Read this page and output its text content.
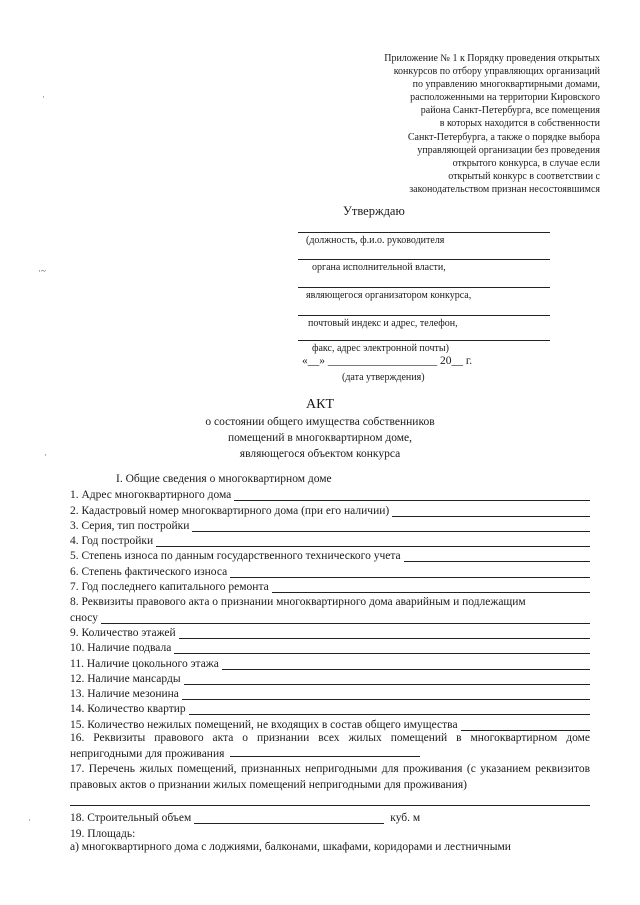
·
·~
·
·
Приложение № 1 к Порядку проведения открытых
конкурсов по отбору управляющих организаций
по управлению многоквартирными домами,
расположенными на территории Кировского
района Санкт-Петербурга, все помещения
в которых находится в собственности
Санкт-Петербурга, а также о порядке выбора
управляющей организации без проведения
открытого конкурса, в случае если
открытый конкурс в соответствии с
законодательством признан несостоявшимся
Утверждаю
(должность, ф.и.о. руководителя
органа исполнительной власти,
являющегося организатором конкурса,
почтовый индекс и адрес, телефон,
факс, адрес электронной почты)
«__» ___________________ 20__ г.
(дата утверждения)
АКТ
о состоянии общего имущества собственников
помещений в многоквартирном доме,
являющегося объектом конкурса
I. Общие сведения о многоквартирном доме
1. Адрес многоквартирного дома
2. Кадастровый номер многоквартирного дома (при его наличии)
3. Серия, тип постройки
4. Год постройки
5. Степень износа по данным государственного технического учета
6. Степень фактического износа
7. Год последнего капитального ремонта
8. Реквизиты правового акта о признании многоквартирного дома аварийным и подлежащим
сносу
9. Количество этажей
10. Наличие подвала
11. Наличие цокольного этажа
12. Наличие мансарды
13. Наличие мезонина
14. Количество квартир
15. Количество нежилых помещений, не входящих в состав общего имущества
16. Реквизиты правового акта о признании всех жилых помещений в многоквартирном доме непригодными для проживания
17. Перечень жилых помещений, признанных непригодными для проживания (с указанием реквизитов правовых актов о признании жилых помещений непригодными для проживания)
18. Строительный объем	куб. м
19. Площадь:
а) многоквартирного дома с лоджиями, балконами, шкафами, коридорами и лестничными
